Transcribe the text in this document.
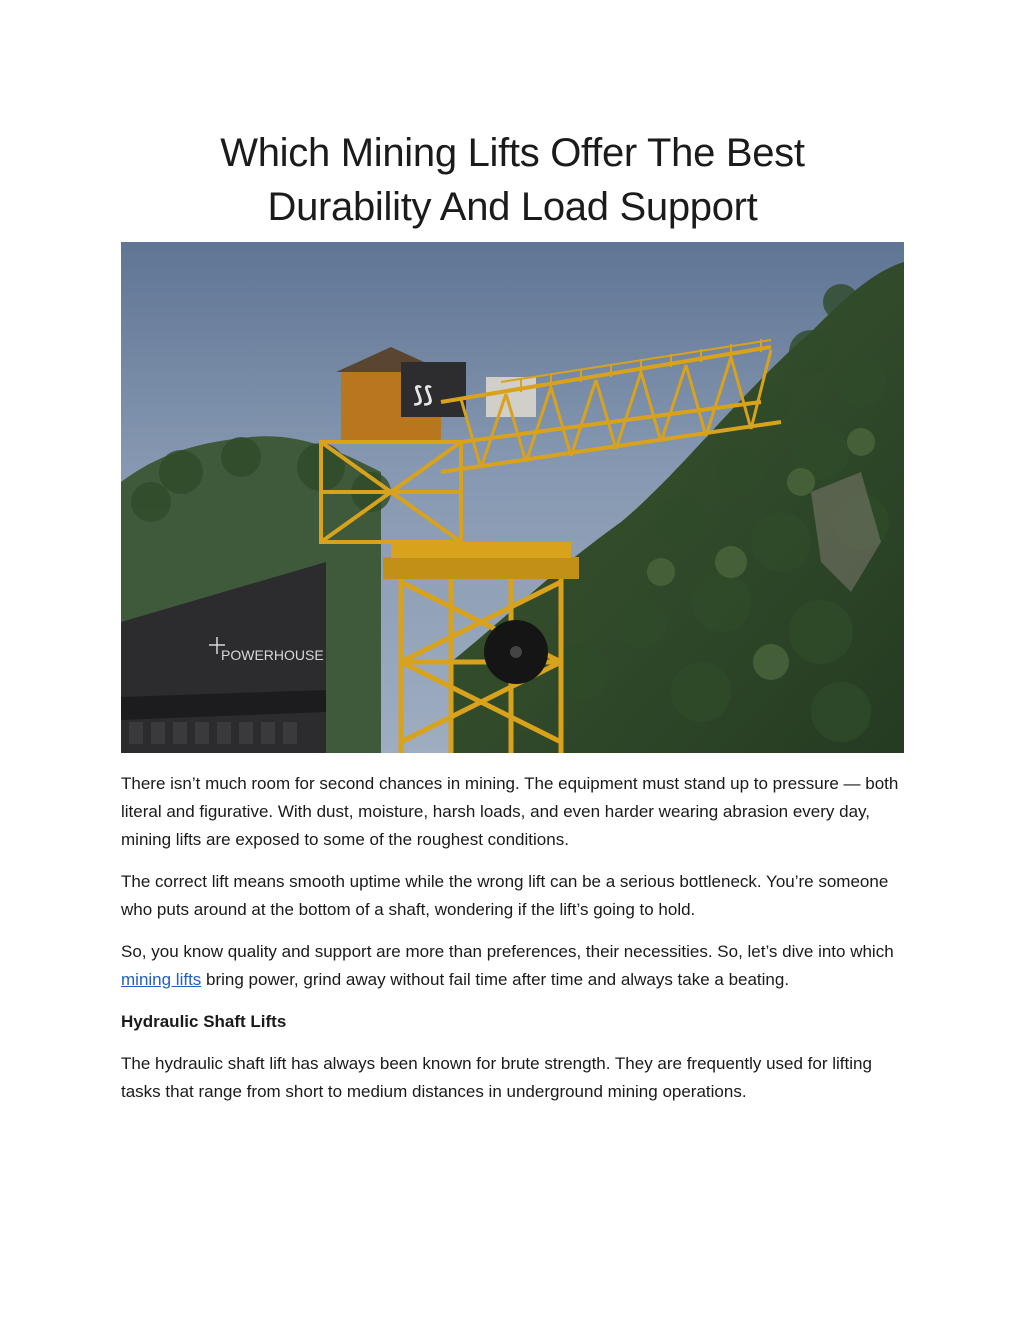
Which Mining Lifts Offer The Best
Durability And Load Support
POWERHOUSE
⟆⟆

There isn’t much room for second chances in mining. The equipment must stand up to pressure — both literal and figurative. With dust, moisture, harsh loads, and even harder wearing abrasion every day, mining lifts are exposed to some of the roughest conditions.

The correct lift means smooth uptime while the wrong lift can be a serious bottleneck. You’re someone who puts around at the bottom of a shaft, wondering if the lift’s going to hold.

So, you know quality and support are more than preferences, their necessities. So, let’s dive into which mining lifts bring power, grind away without fail time after time and always take a beating.

Hydraulic Shaft Lifts

The hydraulic shaft lift has always been known for brute strength. They are frequently used for lifting tasks that range from short to medium distances in underground mining operations.
